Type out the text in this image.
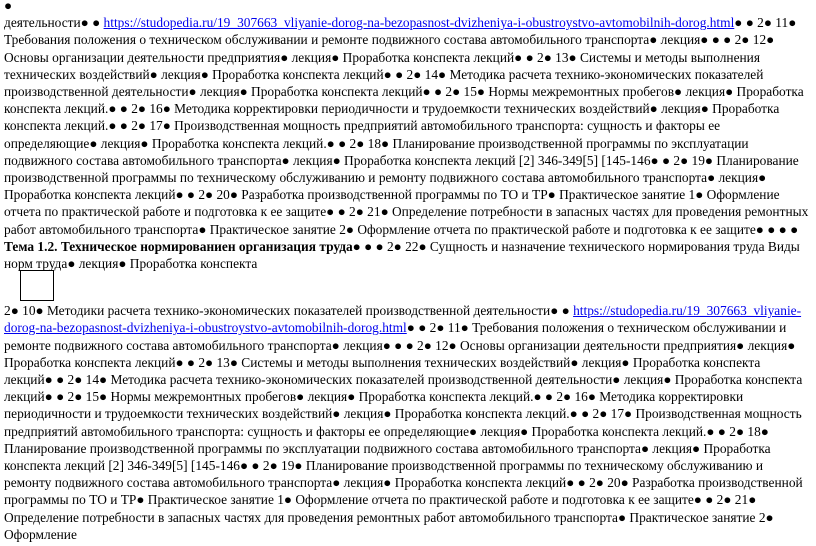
●

деятельности● ● https://studopedia.ru/19_307663_vliyanie-dorog-na-bezopasnost-dvizheniya-i-obustroystvo-avtomobilnih-dorog.html● ● 2● 11● Требования положения о техническом обслуживании и ремонте подвижного состава автомобильного транспорта● лекция● ● ● 2● 12● Основы организации деятельности предприятия● лекция● Проработка конспекта лекций● ● 2● 13● Системы и методы выполнения технических воздействий● лекция● Проработка конспекта лекций● ● 2● 14● Методика расчета технико-экономических показателей производственной деятельности● лекция● Проработка конспекта лекций● ● 2● 15● Нормы межремонтных пробегов● лекция● Проработка конспекта лекций.● ● 2● 16● Методика корректировки периодичности и трудоемкости технических воздействий● лекция● Проработка конспекта лекций.● ● 2● 17● Производственная мощность предприятий автомобильного транспорта: сущность и факторы ее определяющие● лекция● Проработка конспекта лекций.● ● 2● 18● Планирование производственной программы по эксплуатации подвижного состава автомобильного транспорта● лекция● Проработка конспекта лекций [2] 346-349[5] [145-146● ● 2● 19● Планирование производственной программы по техническому обслуживанию и ремонту подвижного состава автомобильного транспорта● лекция● Проработка конспекта лекций● ● 2● 20● Разработка производственной программы по ТО и ТР● Практическое занятие 1● Оформление отчета по практической работе и подготовка к ее защите● ● 2● 21● Определение потребности в запасных частях для проведения ремонтных работ автомобильного транспорта● Практическое занятие 2● Оформление отчета по практической работе и подготовка к ее защите● ● ● ● Тема 1.2. Техническое нормированиен организация труда● ● ● 2● 22● Сущность и назначение технического нормирования труда Виды норм труда● лекция● Проработка конспекта

2● 10● Методики расчета технико-экономических показателей производственной деятельности● ● https://studopedia.ru/19_307663_vliyanie-dorog-na-bezopasnost-dvizheniya-i-obustroystvo-avtomobilnih-dorog.html● ● 2● 11● Требования положения о техническом обслуживании и ремонте подвижного состава автомобильного транспорта● лекция● ● ● 2● 12● Основы организации деятельности предприятия● лекция● Проработка конспекта лекций● ● 2● 13● Системы и методы выполнения технических воздействий● лекция● Проработка конспекта лекций● ● 2● 14● Методика расчета технико-экономических показателей производственной деятельности● лекция● Проработка конспекта лекций● ● 2● 15● Нормы межремонтных пробегов● лекция● Проработка конспекта лекций.● ● 2● 16● Методика корректировки периодичности и трудоемкости технических воздействий● лекция● Проработка конспекта лекций.● ● 2● 17● Производственная мощность предприятий автомобильного транспорта: сущность и факторы ее определяющие● лекция● Проработка конспекта лекций.● ● 2● 18● Планирование производственной программы по эксплуатации подвижного состава автомобильного транспорта● лекция● Проработка конспекта лекций [2] 346-349[5] [145-146● ● 2● 19● Планирование производственной программы по техническому обслуживанию и ремонту подвижного состава автомобильного транспорта● лекция● Проработка конспекта лекций● ● 2● 20● Разработка производственной программы по ТО и ТР● Практическое занятие 1● Оформление отчета по практической работе и подготовка к ее защите● ● 2● 21● Определение потребности в запасных частях для проведения ремонтных работ автомобильного транспорта● Практическое занятие 2● Оформление
